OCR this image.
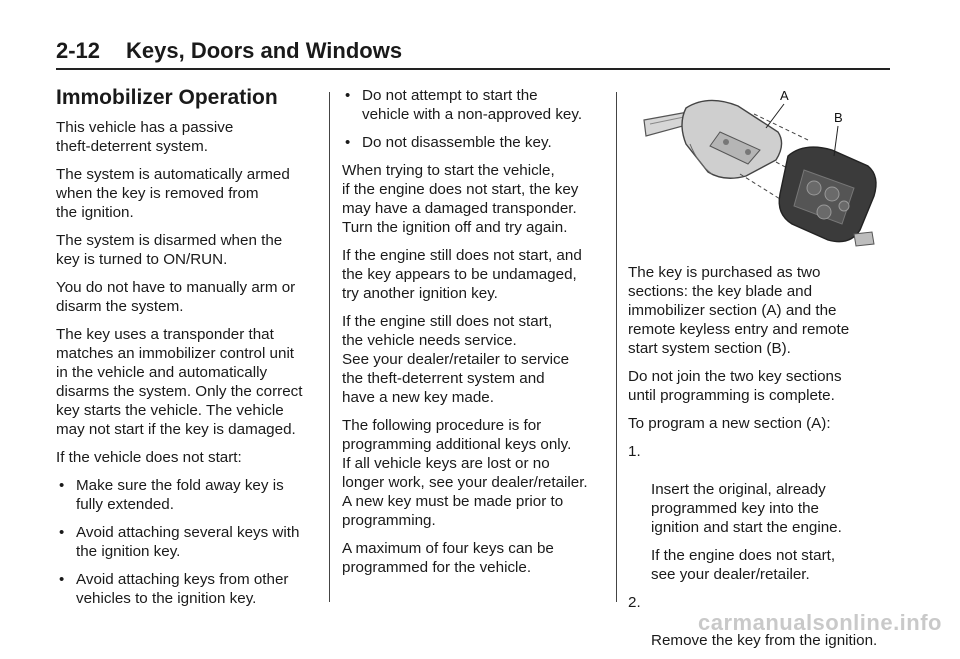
2-12 Keys, Doors and Windows
Immobilizer Operation

This vehicle has a passive
theft-deterrent system.

The system is automatically armed
when the key is removed from
the ignition.

The system is disarmed when the
key is turned to ON/RUN.

You do not have to manually arm or
disarm the system.

The key uses a transponder that
matches an immobilizer control unit
in the vehicle and automatically
disarms the system. Only the correct
key starts the vehicle. The vehicle
may not start if the key is damaged.

If the vehicle does not start:

• Make sure the fold away key is
fully extended.
• Avoid attaching several keys with
the ignition key.
• Avoid attaching keys from other
vehicles to the ignition key.
• Do not attempt to start the
vehicle with a non-approved key.
• Do not disassemble the key.

When trying to start the vehicle,
if the engine does not start, the key
may have a damaged transponder.
Turn the ignition off and try again.

If the engine still does not start, and
the key appears to be undamaged,
try another ignition key.

If the engine still does not start,
the vehicle needs service.
See your dealer/retailer to service
the theft-deterrent system and
have a new key made.

The following procedure is for
programming additional keys only.
If all vehicle keys are lost or no
longer work, see your dealer/retailer.
A new key must be made prior to
programming.

A maximum of four keys can be
programmed for the vehicle.

A
B

The key is purchased as two
sections: the key blade and
immobilizer section (A) and the
remote keyless entry and remote
start system section (B).

Do not join the two key sections
until programming is complete.

To program a new section (A):

1.

Insert the original, already
programmed key into the
ignition and start the engine.

If the engine does not start,
see your dealer/retailer.

2.

Remove the key from the ignition.

carmanualsonline.info
